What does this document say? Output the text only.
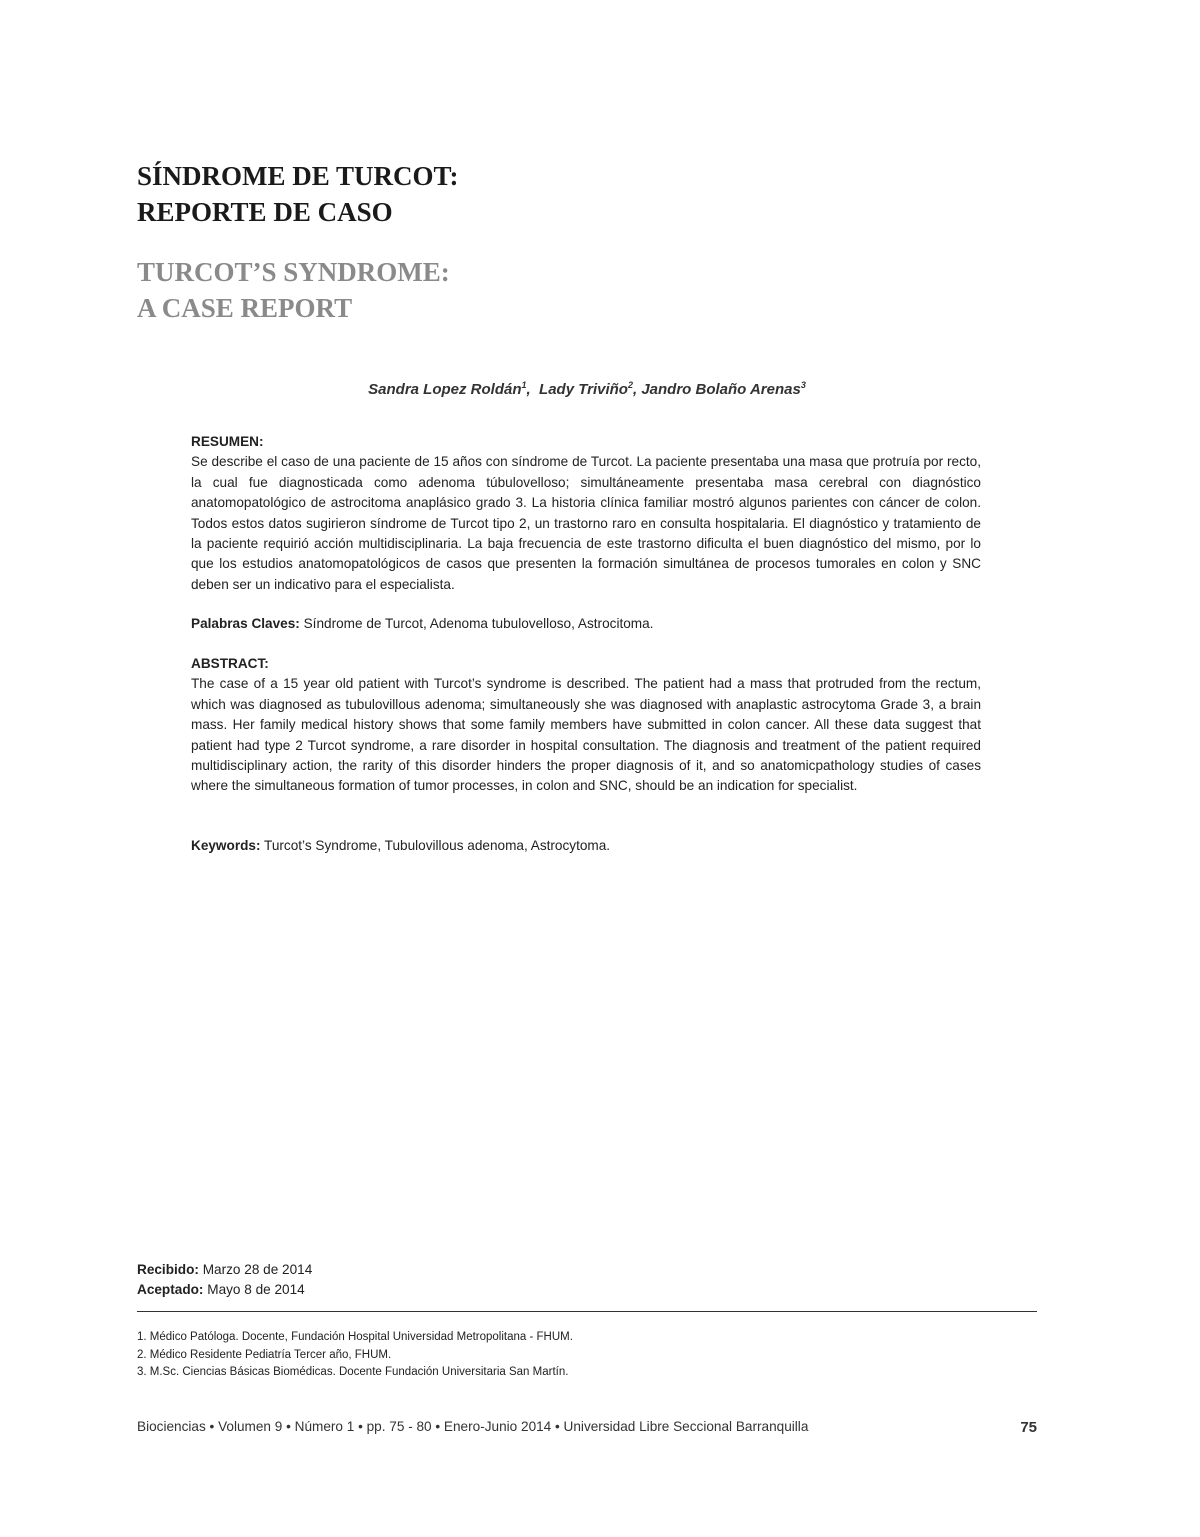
SÍNDROME DE TURCOT:
REPORTE DE CASO
TURCOT’S SYNDROME:
A CASE REPORT
Sandra Lopez Roldán$^1$,  Lady Triviño$^2$, Jandro Bolaño Arenas$^3$
RESUMEN:
Se describe el caso de una paciente de 15 años con síndrome de Turcot. La paciente presentaba una masa que protruía por recto, la cual fue diagnosticada como adenoma túbulovelloso; simultáneamente presentaba masa cerebral con diagnóstico anatomopatológico de astrocitoma anaplásico grado 3. La historia clínica familiar mostró algunos parientes con cáncer de colon. Todos estos datos sugirieron síndrome de Turcot tipo 2, un trastorno raro en consulta hospitalaria. El diagnóstico y tratamiento de la paciente requirió acción multidisciplinaria. La baja frecuencia de este trastorno dificulta el buen diagnóstico del mismo, por lo que los estudios anatomopatológicos de casos que presenten la formación simultánea de procesos tumorales en colon y SNC deben ser un indicativo para el especialista.
Palabras Claves: Síndrome de Turcot, Adenoma tubulovelloso, Astrocitoma.
ABSTRACT:
The case of a 15 year old patient with Turcot’s syndrome is described. The patient had a mass that protruded from the rectum, which was diagnosed as tubulovillous adenoma; simultaneously she was diagnosed with anaplastic astrocytoma Grade 3, a brain mass. Her family medical history shows that some family members have submitted in colon cancer. All these data suggest that patient had type 2 Turcot syndrome, a rare disorder in hospital consultation. The diagnosis and treatment of the patient required multidisciplinary action, the rarity of this disorder hinders the proper diagnosis of it, and so anatomicpathology studies of cases where the simultaneous formation of tumor processes, in colon and SNC, should be an indication for specialist.
Keywords: Turcot’s Syndrome, Tubulovillous adenoma, Astrocytoma.
Recibido: Marzo 28 de 2014
Aceptado: Mayo 8 de 2014
1. Médico Patóloga. Docente, Fundación Hospital Universidad Metropolitana - FHUM.
2. Médico Residente Pediatría Tercer año, FHUM.
3. M.Sc. Ciencias Básicas Biomédicas. Docente Fundación Universitaria San Martín.
Biociencias • Volumen 9 • Número 1 • pp. 75 - 80 • Enero-Junio 2014 • Universidad Libre Seccional Barranquilla	75
